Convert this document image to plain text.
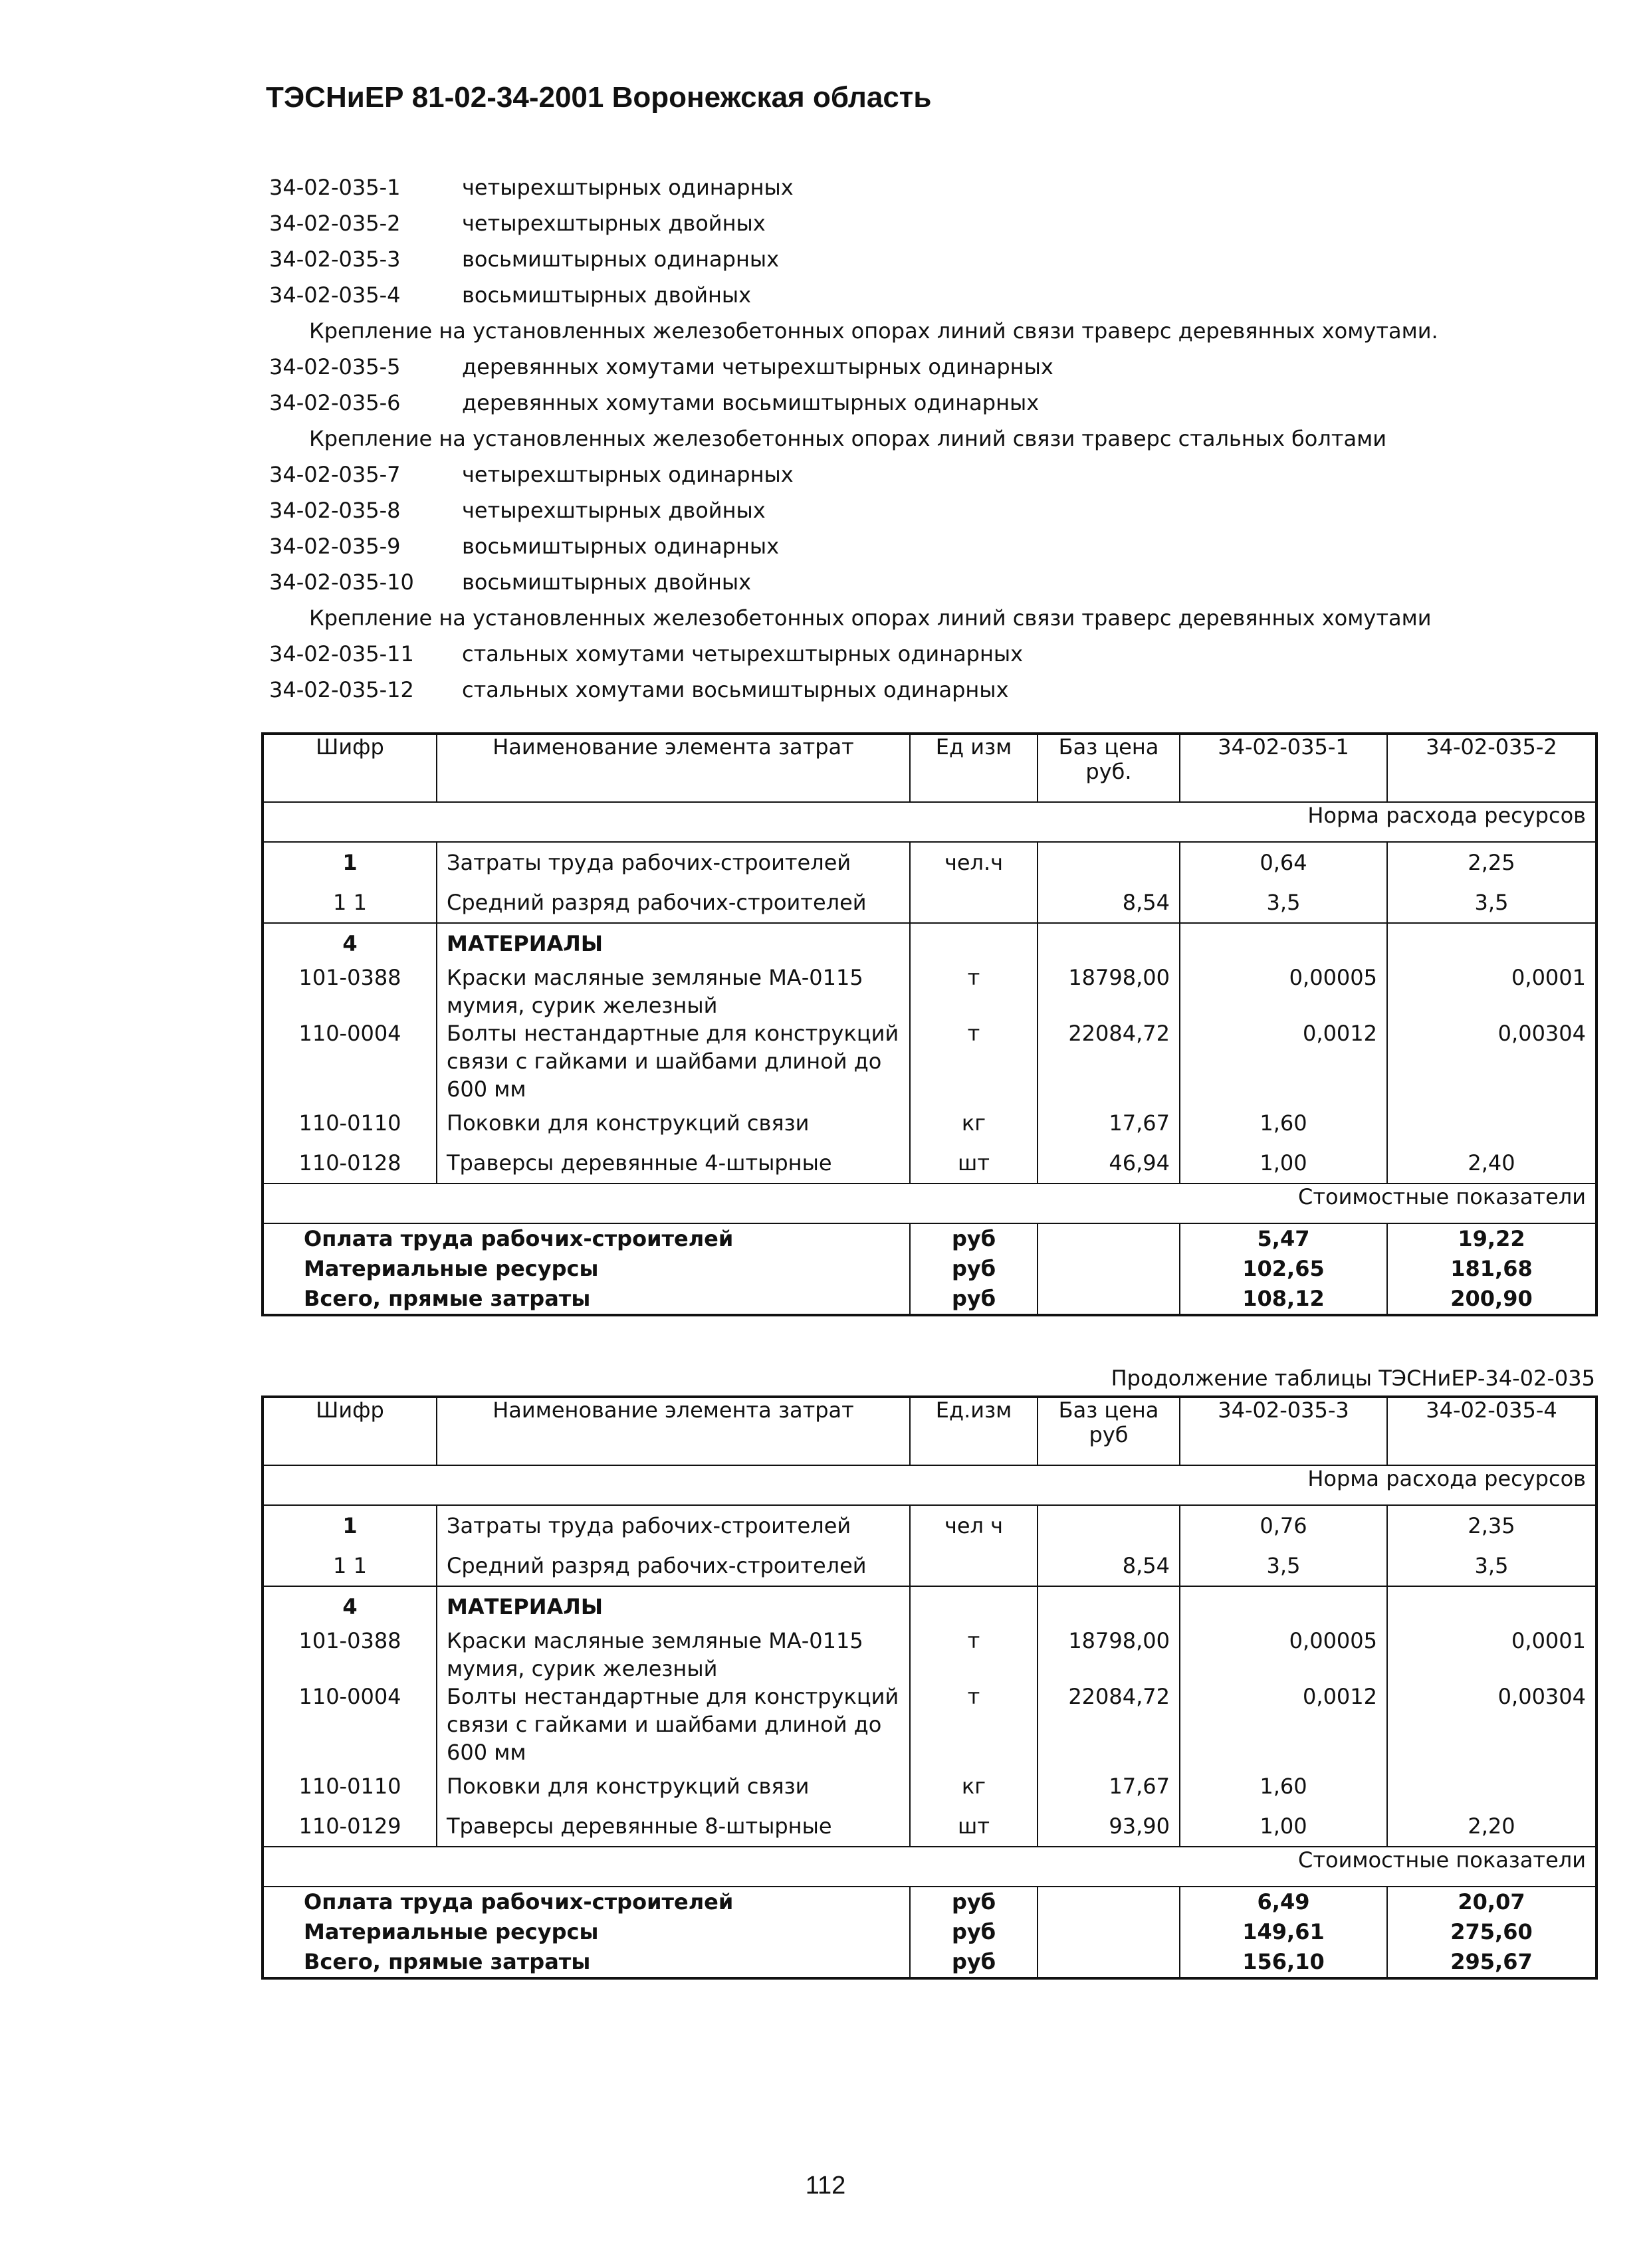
ТЭСНиЕР 81-02-34-2001 Воронежская область
34-02-035-1	четырехштырных одинарных
34-02-035-2	четырехштырных двойных
34-02-035-3	восьмиштырных одинарных
34-02-035-4	восьмиштырных двойных
Крепление на установленных железобетонных опорах линий связи траверс деревянных хомутами.
34-02-035-5	деревянных хомутами четырехштырных одинарных
34-02-035-6	деревянных хомутами восьмиштырных одинарных
Крепление на установленных железобетонных опорах линий связи траверс стальных болтами
34-02-035-7	четырехштырных одинарных
34-02-035-8	четырехштырных двойных
34-02-035-9	восьмиштырных одинарных
34-02-035-10	восьмиштырных двойных
Крепление на установленных железобетонных опорах линий связи траверс деревянных хомутами
34-02-035-11	стальных хомутами четырехштырных одинарных
34-02-035-12	стальных хомутами восьмиштырных одинарных
Шифр	Наименование элемента затрат	Ед изм	Баз цена руб.	34-02-035-1	34-02-035-2
Норма расхода ресурсов					
1	Затраты труда рабочих-строителей	чел.ч		0,64	2,25
1 1	Средний разряд рабочих-строителей		8,54	3,5	3,5
4	МАТЕРИАЛЫ				
101-0388	Краски масляные земляные МА-0115 мумия, сурик железный	т	18798,00	0,00005	0,0001
110-0004	Болты нестандартные для конструкций связи с гайками и шайбами длиной до 600 мм	т	22084,72	0,0012	0,00304
110-0110	Поковки для конструкций связи	кг	17,67	1,60	
110-0128	Траверсы деревянные 4-штырные	шт	46,94	1,00	2,40
Стоимостные показатели					
Оплата труда рабочих-строителей		руб		5,47	19,22
Материальные ресурсы		руб		102,65	181,68
Всего, прямые затраты		руб		108,12	200,90
Продолжение таблицы ТЭСНиЕР-34-02-035
Шифр	Наименование элемента затрат	Ед.изм	Баз цена руб	34-02-035-3	34-02-035-4
Норма расхода ресурсов					
1	Затраты труда рабочих-строителей	чел ч		0,76	2,35
1 1	Средний разряд рабочих-строителей		8,54	3,5	3,5
4	МАТЕРИАЛЫ				
101-0388	Краски масляные земляные МА-0115 мумия, сурик железный	т	18798,00	0,00005	0,0001
110-0004	Болты нестандартные для конструкций связи с гайками и шайбами длиной до 600 мм	т	22084,72	0,0012	0,00304
110-0110	Поковки для конструкций связи	кг	17,67	1,60	
110-0129	Траверсы деревянные 8-штырные	шт	93,90	1,00	2,20
Стоимостные показатели					
Оплата труда рабочих-строителей		руб		6,49	20,07
Материальные ресурсы		руб		149,61	275,60
Всего, прямые затраты		руб		156,10	295,67
112
